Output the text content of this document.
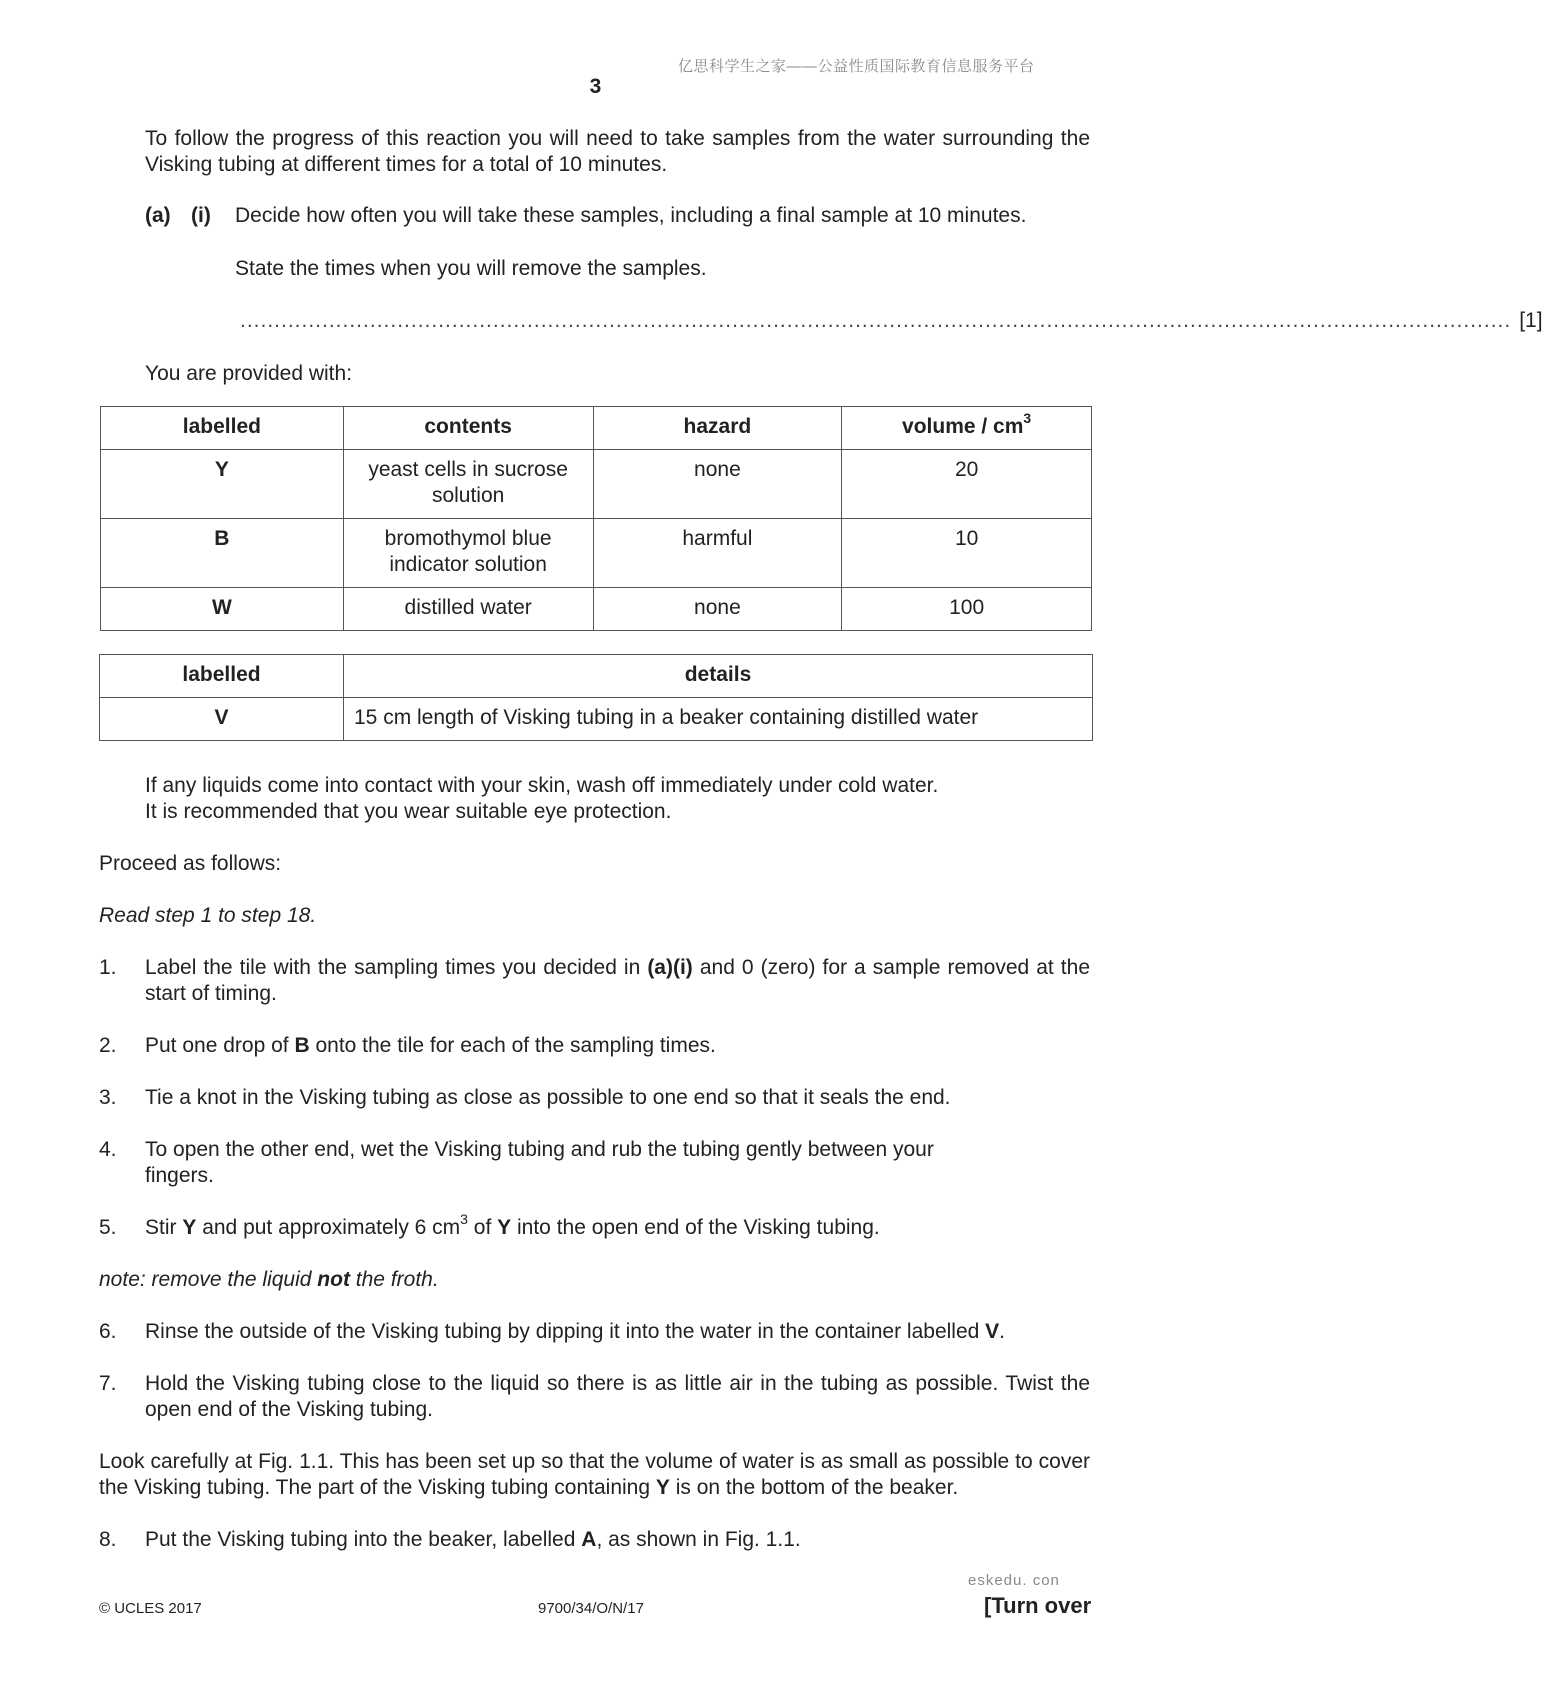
亿思科学生之家——公益性质国际教育信息服务平台
3
To follow the progress of this reaction you will need to take samples from the water surrounding the Visking tubing at different times for a total of 10 minutes.
(a) (i) Decide how often you will take these samples, including a final sample at 10 minutes.
State the times when you will remove the samples.
.......................................................................................................................................................................................... [1]
You are provided with:
labelled	contents	hazard	volume / $cm^3$
Y	yeast cells in sucrose solution	none	20
B	bromothymol blue indicator solution	harmful	10
W	distilled water	none	100
labelled	details
V	15 cm length of Visking tubing in a beaker containing distilled water
If any liquids come into contact with your skin, wash off immediately under cold water.
It is recommended that you wear suitable eye protection.
Proceed as follows:
Read step 1 to step 18.
1.	Label the tile with the sampling times you decided in (a)(i) and 0 (zero) for a sample removed at the start of timing.
2.	Put one drop of B onto the tile for each of the sampling times.
3.	Tie a knot in the Visking tubing as close as possible to one end so that it seals the end.
4.	To open the other end, wet the Visking tubing and rub the tubing gently between your
fingers.
5.	Stir Y and put approximately 6 $cm^3$ of Y into the open end of the Visking tubing.
note: remove the liquid not the froth.
6.	Rinse the outside of the Visking tubing by dipping it into the water in the container labelled V.
7.	Hold the Visking tubing close to the liquid so there is as little air in the tubing as possible. Twist the open end of the Visking tubing.
Look carefully at Fig. 1.1. This has been set up so that the volume of water is as small as possible to cover the Visking tubing. The part of the Visking tubing containing Y is on the bottom of the beaker.
8.	Put the Visking tubing into the beaker, labelled A, as shown in Fig. 1.1.
eskedu. con
© UCLES 2017	9700/34/O/N/17	[Turn over
